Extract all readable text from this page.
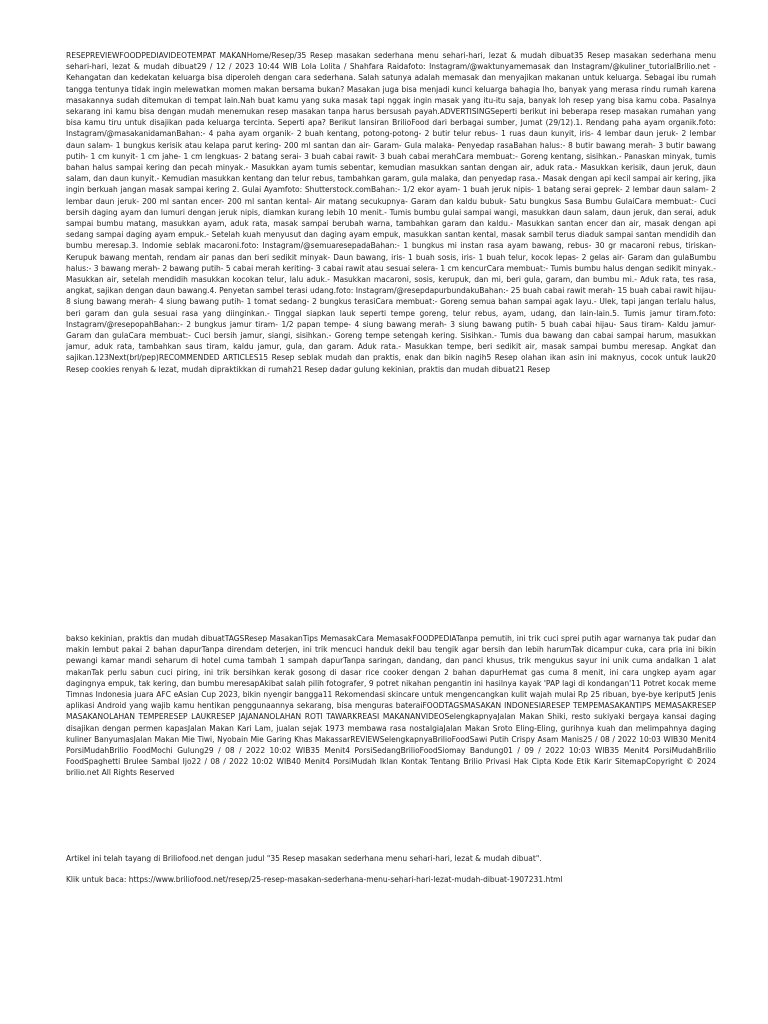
RESEPREVIEWFOODPEDIAVIDEOTEMPAT MAKANHome/Resep/35 Resep masakan sederhana menu sehari-hari, lezat & mudah dibuat35 Resep masakan sederhana menu sehari-hari, lezat & mudah dibuat29 / 12 / 2023 10:44 WIB Lola Lolita / Shahfara Raidafoto: Instagram/@waktunyamemasak dan Instagram/@kuliner_tutorialBrilio.net - Kehangatan dan kedekatan keluarga bisa diperoleh dengan cara sederhana. Salah satunya adalah memasak dan menyajikan makanan untuk keluarga. Sebagai ibu rumah tangga tentunya tidak ingin melewatkan momen makan bersama bukan? Masakan juga bisa menjadi kunci keluarga bahagia lho, banyak yang merasa rindu rumah karena masakannya sudah ditemukan di tempat lain.Nah buat kamu yang suka masak tapi nggak ingin masak yang itu-itu saja, banyak loh resep yang bisa kamu coba. Pasalnya sekarang ini kamu bisa dengan mudah menemukan resep masakan tanpa harus bersusah payah.ADVERTISINGSeperti berikut ini beberapa resep masakan rumahan yang bisa kamu tiru untuk disajikan pada keluarga tercinta. Seperti apa? Berikut lansiran BrilioFood dari berbagai sumber, Jumat (29/12).1. Rendang paha ayam organik.foto: Instagram/@masakanidamanBahan:- 4 paha ayam organik- 2 buah kentang, potong-potong- 2 butir telur rebus- 1 ruas daun kunyit, iris- 4 lembar daun jeruk- 2 lembar daun salam- 1 bungkus kerisik atau kelapa parut kering- 200 ml santan dan air- Garam- Gula malaka- Penyedap rasaBahan halus:- 8 butir bawang merah- 3 butir bawang putih- 1 cm kunyit- 1 cm jahe- 1 cm lengkuas- 2 batang serai- 3 buah cabai rawit- 3 buah cabai merahCara membuat:- Goreng kentang, sisihkan.- Panaskan minyak, tumis bahan halus sampai kering dan pecah minyak.- Masukkan ayam tumis sebentar, kemudian masukkan santan dengan air, aduk rata.- Masukkan kerisik, daun jeruk, daun salam, dan daun kunyit.- Kemudian masukkan kentang dan telur rebus, tambahkan garam, gula malaka, dan penyedap rasa.- Masak dengan api kecil sampai air kering, jika ingin berkuah jangan masak sampai kering 2. Gulai Ayamfoto: Shutterstock.comBahan:- 1/2 ekor ayam- 1 buah jeruk nipis- 1 batang serai geprek- 2 lembar daun salam- 2 lembar daun jeruk- 200 ml santan encer- 200 ml santan kental- Air matang secukupnya- Garam dan kaldu bubuk- Satu bungkus Sasa Bumbu GulaiCara membuat:- Cuci bersih daging ayam dan lumuri dengan jeruk nipis, diamkan kurang lebih 10 menit.- Tumis bumbu gulai sampai wangi, masukkan daun salam, daun jeruk, dan serai, aduk sampai bumbu matang, masukkan ayam, aduk rata, masak sampai berubah warna, tambahkan garam dan kaldu.- Masukkan santan encer dan air, masak dengan api sedang sampai daging ayam empuk.- Setelah kuah menyusut dan daging ayam empuk, masukkan santan kental, masak sambil terus diaduk sampai santan mendidih dan bumbu meresap.3. Indomie seblak macaroni.foto: Instagram/@semuaresepadaBahan:- 1 bungkus mi instan rasa ayam bawang, rebus- 30 gr macaroni rebus, tiriskan- Kerupuk bawang mentah, rendam air panas dan beri sedikit minyak- Daun bawang, iris- 1 buah sosis, iris- 1 buah telur, kocok lepas- 2 gelas air- Garam dan gulaBumbu halus:- 3 bawang merah- 2 bawang putih- 5 cabai merah keriting- 3 cabai rawit atau sesuai selera- 1 cm kencurCara membuat:- Tumis bumbu halus dengan sedikit minyak.- Masukkan air, setelah mendidih masukkan kocokan telur, lalu aduk.- Masukkan macaroni, sosis, kerupuk, dan mi, beri gula, garam, dan bumbu mi.- Aduk rata, tes rasa, angkat, sajikan dengan daun bawang.4. Penyetan sambel terasi udang.foto: Instagram/@resepdapurbundakuBahan:- 25 buah cabai rawit merah- 15 buah cabai rawit hijau- 8 siung bawang merah- 4 siung bawang putih- 1 tomat sedang- 2 bungkus terasiCara membuat:- Goreng semua bahan sampai agak layu.- Ulek, tapi jangan terlalu halus, beri garam dan gula sesuai rasa yang diinginkan.- Tinggal siapkan lauk seperti tempe goreng, telur rebus, ayam, udang, dan lain-lain.5. Tumis jamur tiram.foto: Instagram/@resepopahBahan:- 2 bungkus jamur tiram- 1/2 papan tempe- 4 siung bawang merah- 3 siung bawang putih- 5 buah cabai hijau- Saus tiram- Kaldu jamur- Garam dan gulaCara membuat:- Cuci bersih jamur, siangi, sisihkan.- Goreng tempe setengah kering. Sisihkan.- Tumis dua bawang dan cabai sampai harum, masukkan jamur, aduk rata, tambahkan saus tiram, kaldu jamur, gula, dan garam. Aduk rata.- Masukkan tempe, beri sedikit air, masak sampai bumbu meresap. Angkat dan sajikan.123Next(brl/pep)RECOMMENDED ARTICLES15 Resep seblak mudah dan praktis, enak dan bikin nagih5 Resep olahan ikan asin ini maknyus, cocok untuk lauk20 Resep cookies renyah & lezat, mudah dipraktikkan di rumah21 Resep dadar gulung kekinian, praktis dan mudah dibuat21 Resep

bakso kekinian, praktis dan mudah dibuatTAGSResep MasakanTips MemasakCara MemasakFOODPEDIATanpa pemutih, ini trik cuci sprei putih agar warnanya tak pudar dan makin lembut pakai 2 bahan dapurTanpa direndam deterjen, ini trik mencuci handuk dekil bau tengik agar bersih dan lebih harumTak dicampur cuka, cara pria ini bikin pewangi kamar mandi seharum di hotel cuma tambah 1 sampah dapurTanpa saringan, dandang, dan panci khusus, trik mengukus sayur ini unik cuma andalkan 1 alat makanTak perlu sabun cuci piring, ini trik bersihkan kerak gosong di dasar rice cooker dengan 2 bahan dapurHemat gas cuma 8 menit, ini cara ungkep ayam agar dagingnya empuk, tak kering, dan bumbu meresapAkibat salah pilih fotografer, 9 potret nikahan pengantin ini hasilnya kayak 'PAP lagi di kondangan'11 Potret kocak meme Timnas Indonesia juara AFC eAsian Cup 2023, bikin nyengir bangga11 Rekomendasi skincare untuk mengencangkan kulit wajah mulai Rp 25 ribuan, bye-bye keriput5 Jenis aplikasi Android yang wajib kamu hentikan penggunaannya sekarang, bisa menguras bateraiFOODTAGSMASAKAN INDONESIARESEP TEMPEMASAKANTIPS MEMASAKRESEP MASAKANOLAHAN TEMPERESEP LAUKRESEP JAJANANOLAHAN ROTI TAWARKREASI MAKANANVIDEOSelengkapnyaJalan Makan Shiki, resto sukiyaki bergaya kansai daging disajikan dengan permen kapasJalan Makan Kari Lam, jualan sejak 1973 membawa rasa nostalgiaJalan Makan Sroto Eling-Eling, gurihnya kuah dan melimpahnya daging kuliner BanyumasJalan Makan Mie Tiwi, Nyobain Mie Garing Khas MakassarREVIEWSelengkapnyaBrilioFoodSawi Putih Crispy Asam Manis25 / 08 / 2022 10:03 WIB30 Menit4 PorsiMudahBrilio FoodMochi Gulung29 / 08 / 2022 10:02 WIB35 Menit4 PorsiSedangBrilioFoodSiomay Bandung01 / 09 / 2022 10:03 WIB35 Menit4 PorsiMudahBrilio FoodSpaghetti Brulee Sambal Ijo22 / 08 / 2022 10:02 WIB40 Menit4 PorsiMudah Iklan Kontak Tentang Brilio Privasi Hak Cipta Kode Etik Karir SitemapCopyright © 2024 brilio.net All Rights Reserved

Artikel ini telah tayang di Briliofood.net dengan judul "35 Resep masakan sederhana menu sehari-hari, lezat & mudah dibuat".

Klik untuk baca: https://www.briliofood.net/resep/25-resep-masakan-sederhana-menu-sehari-hari-lezat-mudah-dibuat-1907231.html
